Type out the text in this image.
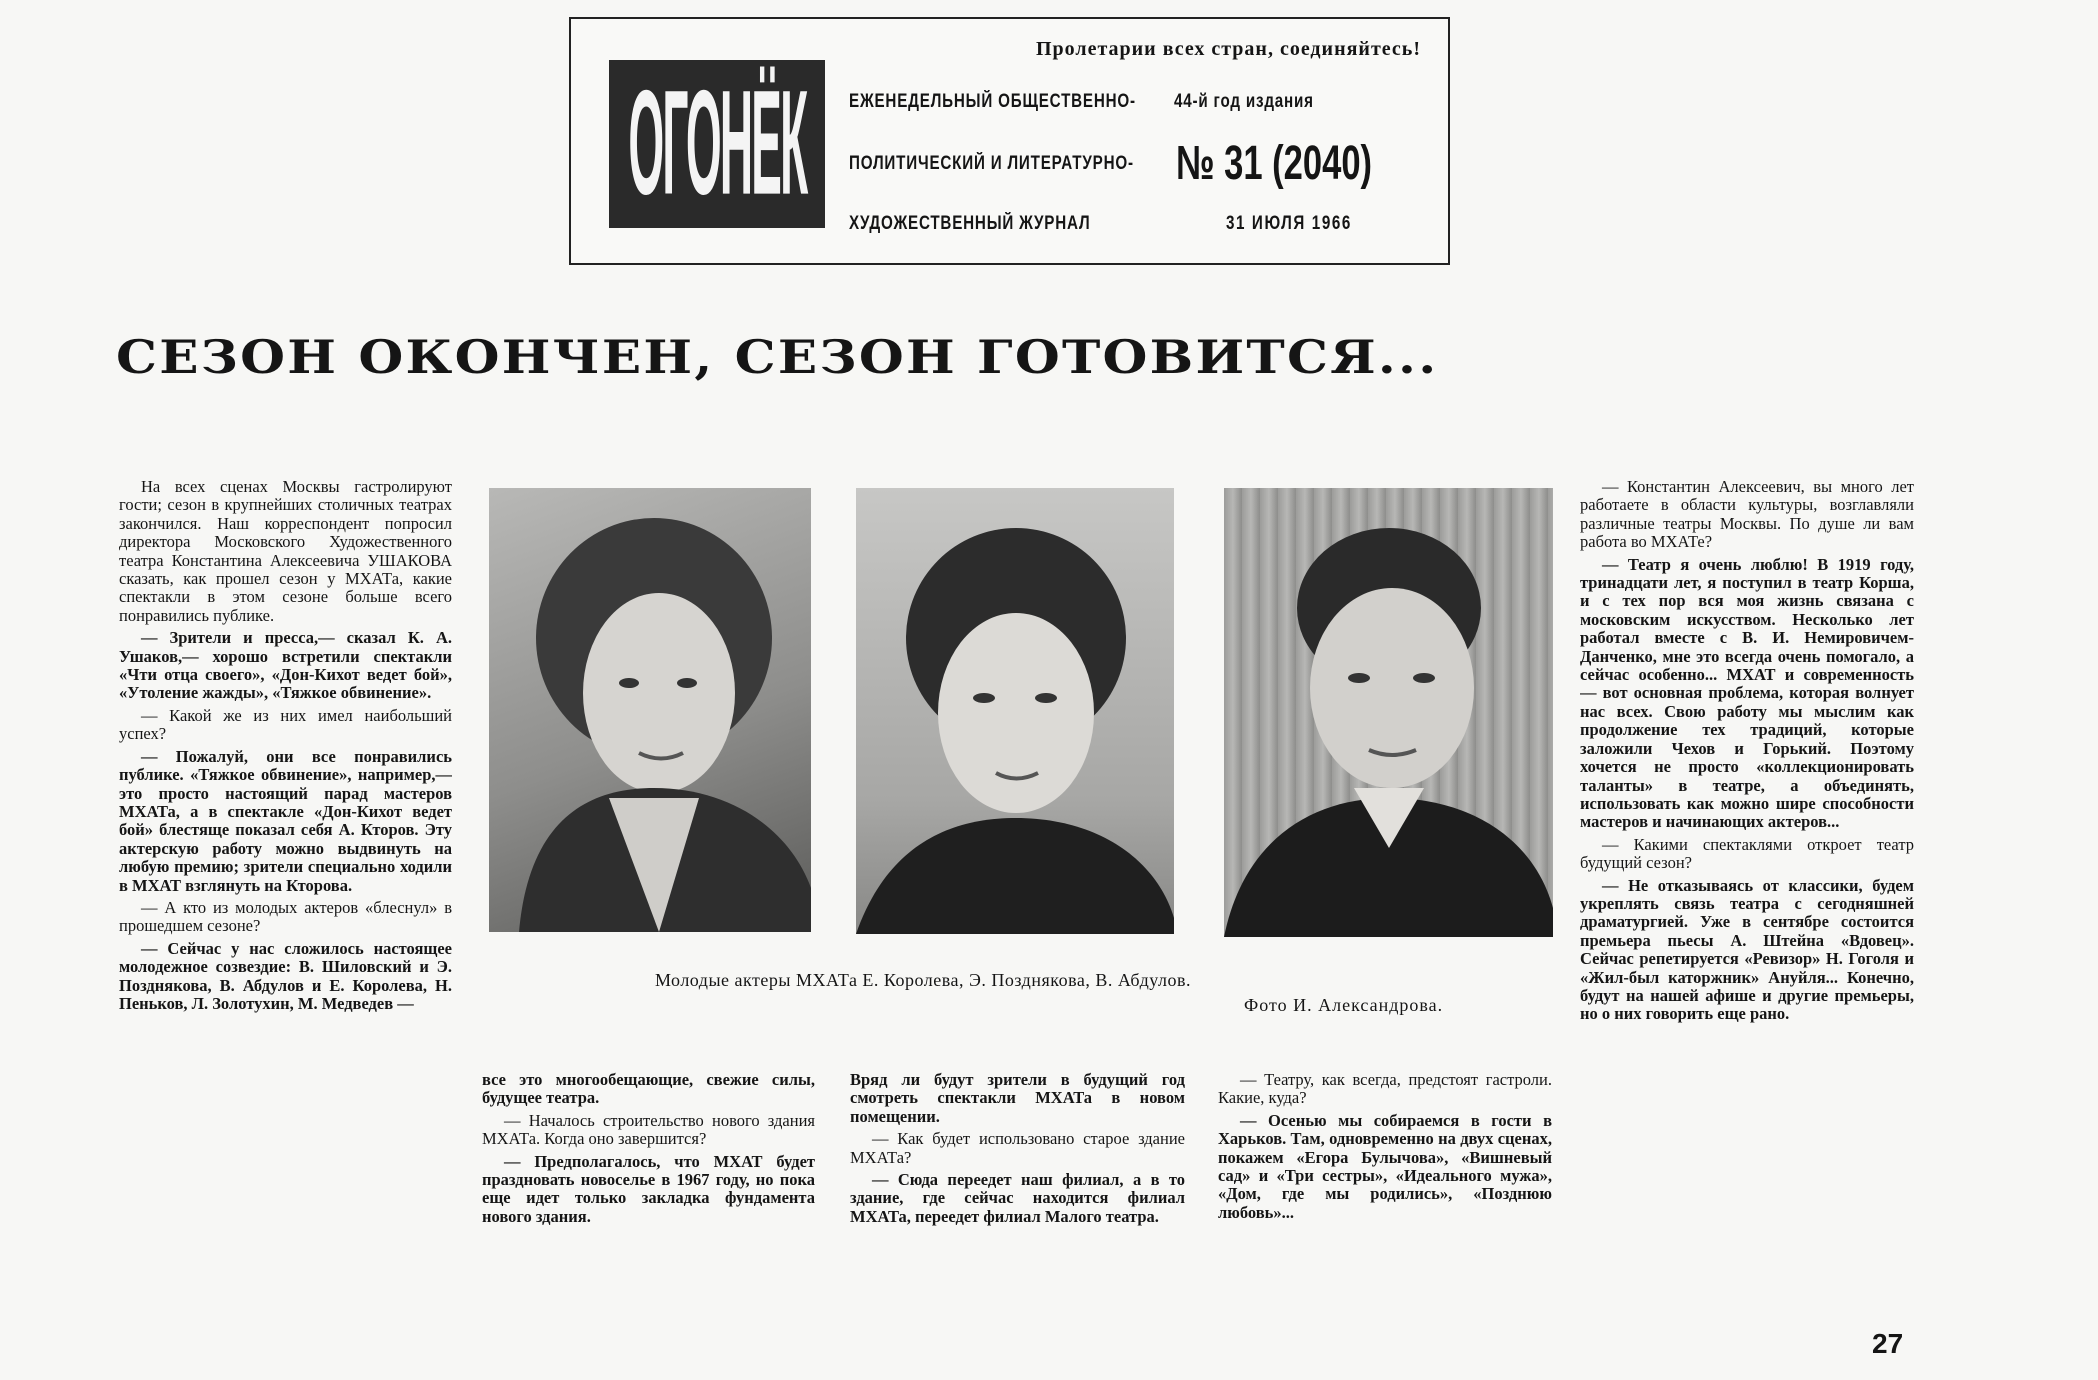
ОГОНЁК
Пролетарии всех стран, соединяйтесь!
ЕЖЕНЕДЕЛЬНЫЙ ОБЩЕСТВЕННО-
ПОЛИТИЧЕСКИЙ И ЛИТЕРАТУРНО-
ХУДОЖЕСТВЕННЫЙ ЖУРНАЛ
44-й год издания
№ 31 (2040)
31 ИЮЛЯ 1966
СЕЗОН ОКОНЧЕН, СЕЗОН ГОТОВИТСЯ...

На всех сценах Москвы гастролируют гости; сезон в крупнейших столичных театрах закончился. Наш корреспондент попросил директора Московского Художественного театра Константина Алексеевича УШАКОВА сказать, как прошел сезон у МХАТа, какие спектакли в этом сезоне больше всего понравились публике.

— Зрители и пресса,— сказал К. А. Ушаков,— хорошо встретили спектакли «Чти отца своего», «Дон-Кихот ведет бой», «Утоление жажды», «Тяжкое обвинение».

— Какой же из них имел наибольший успех?

— Пожалуй, они все понравились публике. «Тяжкое обвинение», например,— это просто настоящий парад мастеров МХАТа, а в спектакле «Дон-Кихот ведет бой» блестяще показал себя А. Кторов. Эту актерскую работу можно выдвинуть на любую премию; зрители специально ходили в МХАТ взглянуть на Кторова.

— А кто из молодых актеров «блеснул» в прошедшем сезоне?

— Сейчас у нас сложилось настоящее молодежное созвездие: В. Шиловский и Э. Позднякова, В. Абдулов и Е. Королева, Н. Пеньков, Л. Золотухин, М. Медведев —

все это многообещающие, свежие силы, будущее театра.

— Началось строительство нового здания МХАТа. Когда оно завершится?

— Предполагалось, что МХАТ будет праздновать новоселье в 1967 году, но пока еще идет только закладка фундамента нового здания.

Вряд ли будут зрители в будущий год смотреть спектакли МХАТа в новом помещении.

— Как будет использовано старое здание МХАТа?

— Сюда переедет наш филиал, а в то здание, где сейчас находится филиал МХАТа, переедет филиал Малого театра.

— Театру, как всегда, предстоят гастроли. Какие, куда?

— Осенью мы собираемся в гости в Харьков. Там, одновременно на двух сценах, покажем «Егора Булычова», «Вишневый сад» и «Три сестры», «Идеального мужа», «Дом, где мы родились», «Позднюю любовь»...

— Константин Алексеевич, вы много лет работаете в области культуры, возглавляли различные театры Москвы. По душе ли вам работа во МХАТе?

— Театр я очень люблю! В 1919 году, тринадцати лет, я поступил в театр Корша, и с тех пор вся моя жизнь связана с московским искусством. Несколько лет работал вместе с В. И. Немировичем-Данченко, мне это всегда очень помогало, а сейчас особенно... МХАТ и современность — вот основная проблема, которая волнует нас всех. Свою работу мы мыслим как продолжение тех традиций, которые заложили Чехов и Горький. Поэтому хочется не просто «коллекционировать таланты» в театре, а объединять, использовать как можно шире способности мастеров и начинающих актеров...

— Какими спектаклями откроет театр будущий сезон?

— Не отказываясь от классики, будем укреплять связь театра с сегодняшней драматургией. Уже в сентябре состоится премьера пьесы А. Штейна «Вдовец». Сейчас репетируется «Ревизор» Н. Гоголя и «Жил-был каторжник» Ануйля... Конечно, будут на нашей афише и другие премьеры, но о них говорить еще рано.

Молодые актеры МХАТа Е. Королева, Э. Позднякова, В. Абдулов.
Фото И. Александрова.
27
